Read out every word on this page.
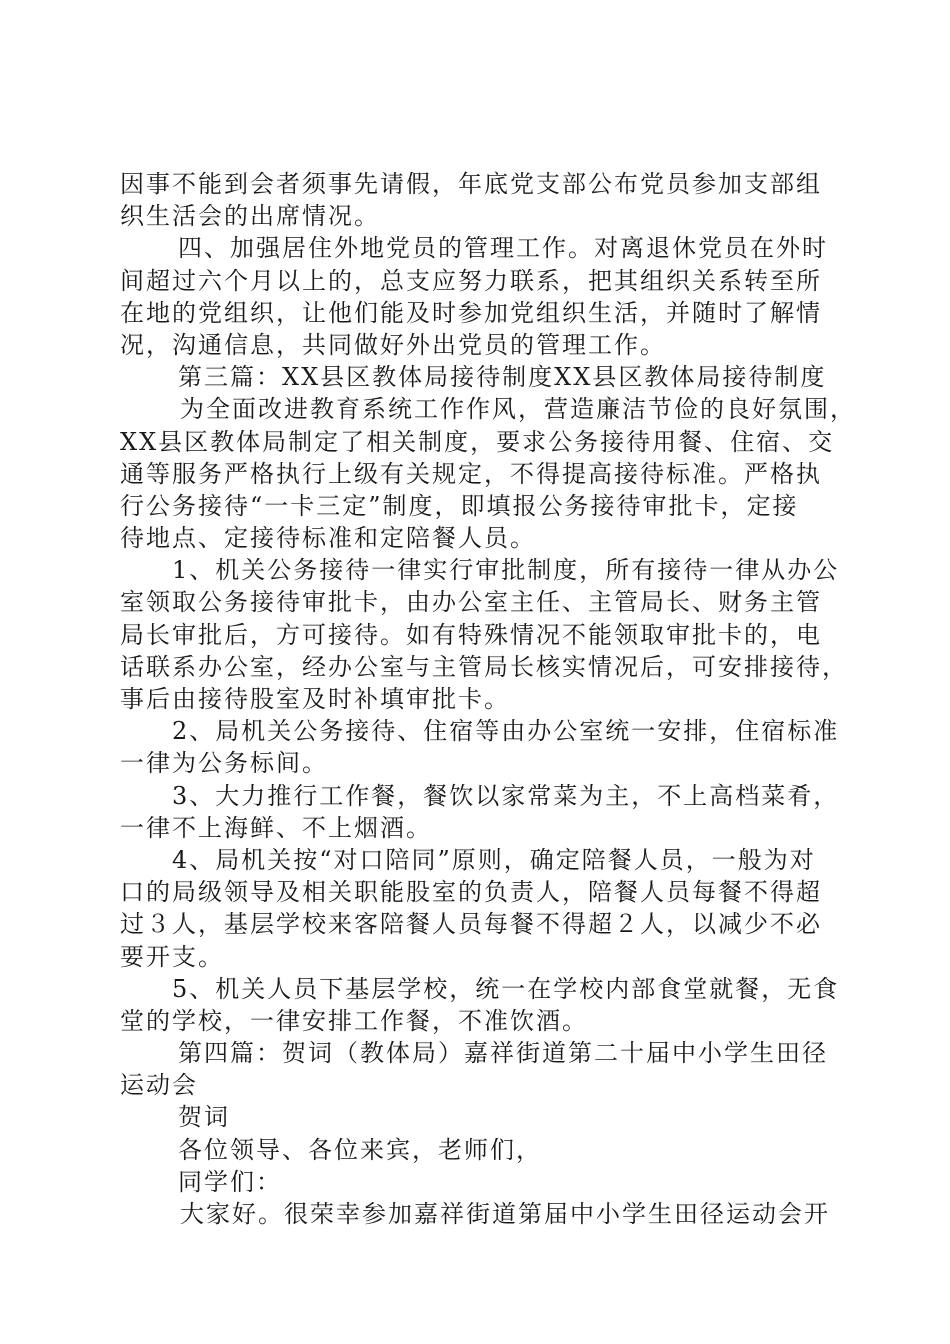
因事不能到会者须事先请假，年底党支部公布党员参加支部组
织生活会的出席情况。
四、加强居住外地党员的管理工作。对离退休党员在外时
间超过六个月以上的，总支应努力联系，把其组织关系转至所
在地的党组织，让他们能及时参加党组织生活，并随时了解情
况，沟通信息，共同做好外出党员的管理工作。
第三篇：XX县区教体局接待制度XX县区教体局接待制度
为全面改进教育系统工作作风，营造廉洁节俭的良好氛围，
XX县区教体局制定了相关制度，要求公务接待用餐、住宿、交
通等服务严格执行上级有关规定，不得提高接待标准。严格执
行公务接待“一卡三定”制度，即填报公务接待审批卡，定接
待地点、定接待标准和定陪餐人员。
1、机关公务接待一律实行审批制度，所有接待一律从办公
室领取公务接待审批卡，由办公室主任、主管局长、财务主管
局长审批后，方可接待。如有特殊情况不能领取审批卡的，电
话联系办公室，经办公室与主管局长核实情况后，可安排接待，
事后由接待股室及时补填审批卡。
2、局机关公务接待、住宿等由办公室统一安排，住宿标准
一律为公务标间。
3、大力推行工作餐，餐饮以家常菜为主，不上高档菜肴，
一律不上海鲜、不上烟酒。
4、局机关按“对口陪同”原则，确定陪餐人员，一般为对
口的局级领导及相关职能股室的负责人，陪餐人员每餐不得超
过３人，基层学校来客陪餐人员每餐不得超２人，以减少不必
要开支。
5、机关人员下基层学校，统一在学校内部食堂就餐，无食
堂的学校，一律安排工作餐，不准饮酒。
第四篇：贺词（教体局）嘉祥街道第二十届中小学生田径
运动会
贺词
各位领导、各位来宾，老师们，
同学们：
大家好。很荣幸参加嘉祥街道第届中小学生田径运动会开
